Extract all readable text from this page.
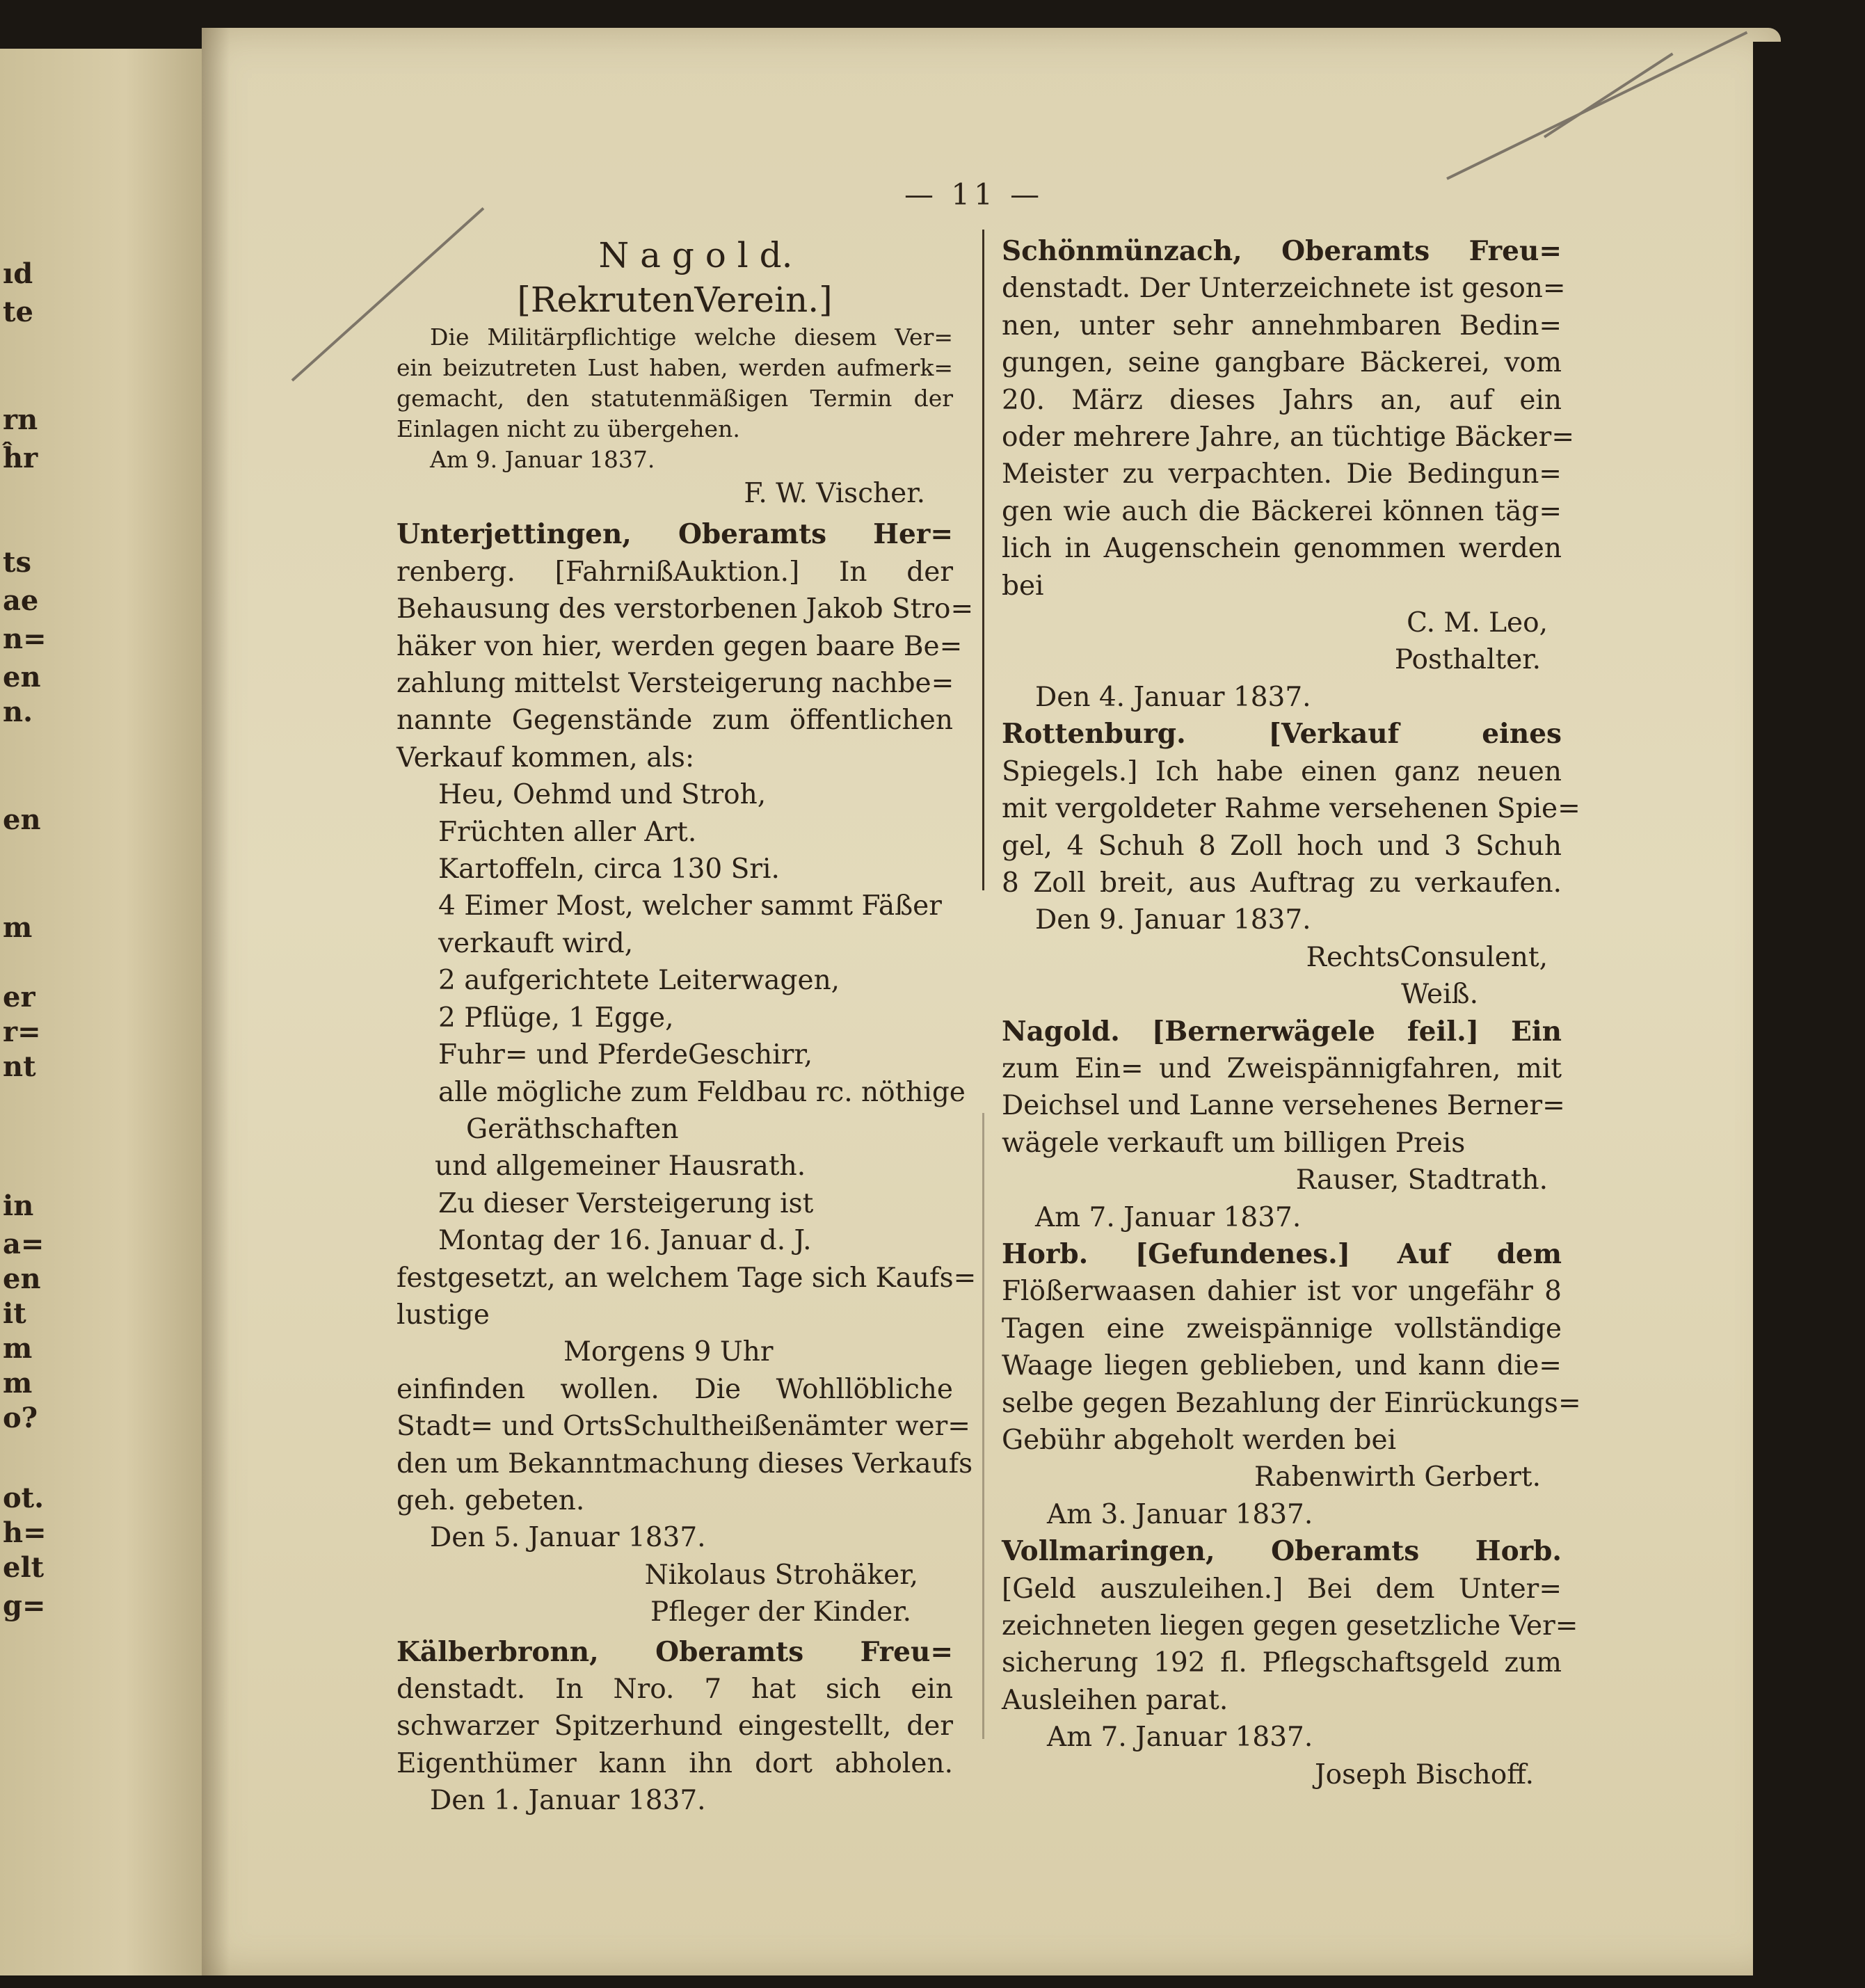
ıd
te
rn
ĥr
ts
ae
n=
en
n.
en
m
er
r=
nt
in
a=
en
it
m
m
o?
ot.
h=
elt
g=
— 11 —
N a g o l d.
[RekrutenVerein.]
Die Militärpflichtige welche diesem Ver=
ein beizutreten Lust haben, werden aufmerk=
gemacht, den statutenmäßigen Termin der
Einlagen nicht zu übergehen.
Am 9. Januar 1837.
F. W. Vischer.
Unterjettingen, Oberamts Her=
renberg. [FahrnißAuktion.] In der
Behausung des verstorbenen Jakob Stro=
häker von hier, werden gegen baare Be=
zahlung mittelst Versteigerung nachbe=
nannte Gegenstände zum öffentlichen
Verkauf kommen, als:
Heu, Oehmd und Stroh,
Früchten aller Art.
Kartoffeln, circa 130 Sri.
4 Eimer Most, welcher sammt Fäßer
verkauft wird,
2 aufgerichtete Leiterwagen,
2 Pflüge, 1 Egge,
Fuhr= und PferdeGeschirr,
alle mögliche zum Feldbau rc. nöthige
Geräthschaften
und allgemeiner Hausrath.
Zu dieser Versteigerung ist
Montag der 16. Januar d. J.
festgesetzt, an welchem Tage sich Kaufs=
lustige
Morgens 9 Uhr
einfinden wollen. Die Wohllöbliche
Stadt= und OrtsSchultheißenämter wer=
den um Bekanntmachung dieses Verkaufs
geh. gebeten.
Den 5. Januar 1837.
Nikolaus Strohäker,
Pfleger der Kinder.
Kälberbronn, Oberamts Freu=
denstadt. In Nro. 7 hat sich ein
schwarzer Spitzerhund eingestellt, der
Eigenthümer kann ihn dort abholen.
Den 1. Januar 1837.
Schönmünzach, Oberamts Freu=
denstadt. Der Unterzeichnete ist geson=
nen, unter sehr annehmbaren Bedin=
gungen, seine gangbare Bäckerei, vom
20. März dieses Jahrs an, auf ein
oder mehrere Jahre, an tüchtige Bäcker=
Meister zu verpachten. Die Bedingun=
gen wie auch die Bäckerei können täg=
lich in Augenschein genommen werden
bei
C. M. Leo,
Posthalter.
Den 4. Januar 1837.
Rottenburg. [Verkauf eines
Spiegels.] Ich habe einen ganz neuen
mit vergoldeter Rahme versehenen Spie=
gel, 4 Schuh 8 Zoll hoch und 3 Schuh
8 Zoll breit, aus Auftrag zu verkaufen.
Den 9. Januar 1837.
RechtsConsulent,
Weiß.
Nagold. [Bernerwägele feil.] Ein
zum Ein= und Zweispännigfahren, mit
Deichsel und Lanne versehenes Berner=
wägele verkauft um billigen Preis
Rauser, Stadtrath.
Am 7. Januar 1837.
Horb. [Gefundenes.] Auf dem
Flößerwaasen dahier ist vor ungefähr 8
Tagen eine zweispännige vollständige
Waage liegen geblieben, und kann die=
selbe gegen Bezahlung der Einrückungs=
Gebühr abgeholt werden bei
Rabenwirth Gerbert.
Am 3. Januar 1837.
Vollmaringen, Oberamts Horb.
[Geld auszuleihen.] Bei dem Unter=
zeichneten liegen gegen gesetzliche Ver=
sicherung 192 fl. Pflegschaftsgeld zum
Ausleihen parat.
Am 7. Januar 1837.
Joseph Bischoff.
